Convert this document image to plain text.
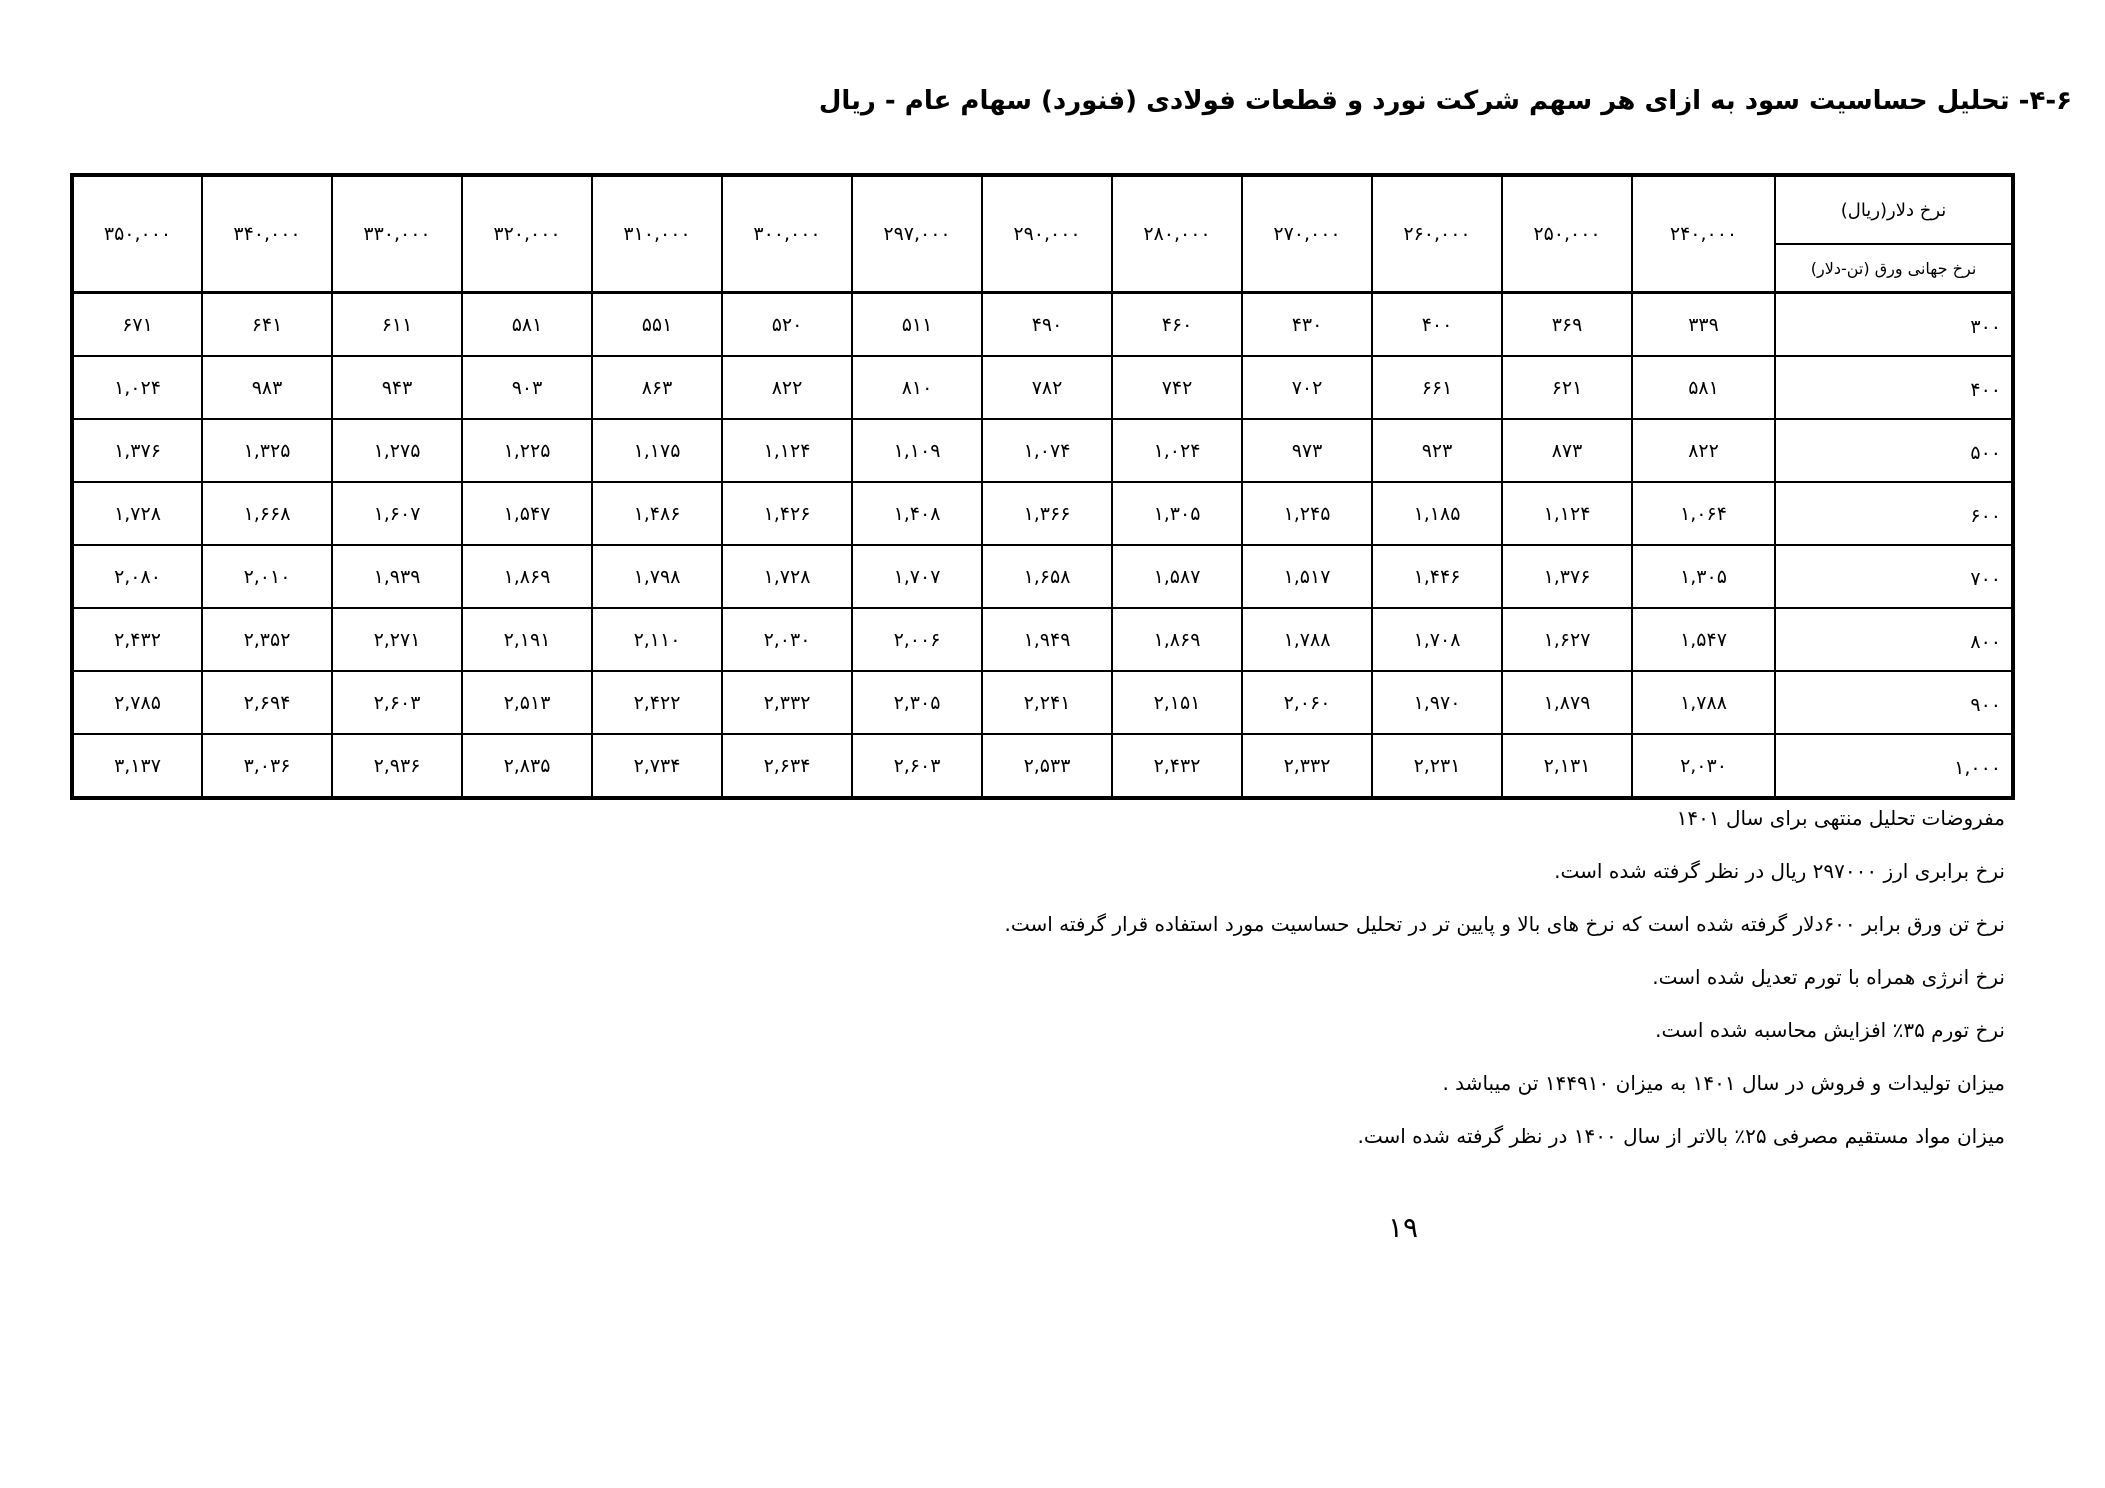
۴-۶- تحلیل حساسیت سود به ازای هر سهم شرکت نورد و قطعات فولادی (فنورد) سهام عام - ریال
نرخ دلار(ریال)
نرخ جهانی ورق (تن-دلار)	۲۴۰,۰۰۰	۲۵۰,۰۰۰	۲۶۰,۰۰۰	۲۷۰,۰۰۰	۲۸۰,۰۰۰	۲۹۰,۰۰۰	۲۹۷,۰۰۰	۳۰۰,۰۰۰	۳۱۰,۰۰۰	۳۲۰,۰۰۰	۳۳۰,۰۰۰	۳۴۰,۰۰۰	۳۵۰,۰۰۰
۳۰۰	۳۳۹	۳۶۹	۴۰۰	۴۳۰	۴۶۰	۴۹۰	۵۱۱	۵۲۰	۵۵۱	۵۸۱	۶۱۱	۶۴۱	۶۷۱
۴۰۰	۵۸۱	۶۲۱	۶۶۱	۷۰۲	۷۴۲	۷۸۲	۸۱۰	۸۲۲	۸۶۳	۹۰۳	۹۴۳	۹۸۳	۱,۰۲۴
۵۰۰	۸۲۲	۸۷۳	۹۲۳	۹۷۳	۱,۰۲۴	۱,۰۷۴	۱,۱۰۹	۱,۱۲۴	۱,۱۷۵	۱,۲۲۵	۱,۲۷۵	۱,۳۲۵	۱,۳۷۶
۶۰۰	۱,۰۶۴	۱,۱۲۴	۱,۱۸۵	۱,۲۴۵	۱,۳۰۵	۱,۳۶۶	۱,۴۰۸	۱,۴۲۶	۱,۴۸۶	۱,۵۴۷	۱,۶۰۷	۱,۶۶۸	۱,۷۲۸
۷۰۰	۱,۳۰۵	۱,۳۷۶	۱,۴۴۶	۱,۵۱۷	۱,۵۸۷	۱,۶۵۸	۱,۷۰۷	۱,۷۲۸	۱,۷۹۸	۱,۸۶۹	۱,۹۳۹	۲,۰۱۰	۲,۰۸۰
۸۰۰	۱,۵۴۷	۱,۶۲۷	۱,۷۰۸	۱,۷۸۸	۱,۸۶۹	۱,۹۴۹	۲,۰۰۶	۲,۰۳۰	۲,۱۱۰	۲,۱۹۱	۲,۲۷۱	۲,۳۵۲	۲,۴۳۲
۹۰۰	۱,۷۸۸	۱,۸۷۹	۱,۹۷۰	۲,۰۶۰	۲,۱۵۱	۲,۲۴۱	۲,۳۰۵	۲,۳۳۲	۲,۴۲۲	۲,۵۱۳	۲,۶۰۳	۲,۶۹۴	۲,۷۸۵
۱,۰۰۰	۲,۰۳۰	۲,۱۳۱	۲,۲۳۱	۲,۳۳۲	۲,۴۳۲	۲,۵۳۳	۲,۶۰۳	۲,۶۳۴	۲,۷۳۴	۲,۸۳۵	۲,۹۳۶	۳,۰۳۶	۳,۱۳۷
مفروضات تحلیل منتهی برای سال ۱۴۰۱
نرخ برابری ارز ۲۹۷۰۰۰ ریال در نظر گرفته شده است.
نرخ تن ورق برابر ۶۰۰دلار گرفته شده است که نرخ های بالا و پایین تر در تحلیل حساسیت مورد استفاده قرار گرفته است.
نرخ انرژی همراه با تورم تعدیل شده است.
نرخ تورم ۳۵٪ افزایش محاسبه شده است.
میزان تولیدات و فروش در سال ۱۴۰۱ به میزان ۱۴۴۹۱۰ تن میباشد .
میزان مواد مستقیم مصرفی ۲۵٪ بالاتر از سال ۱۴۰۰ در نظر گرفته شده است.
۱۹
